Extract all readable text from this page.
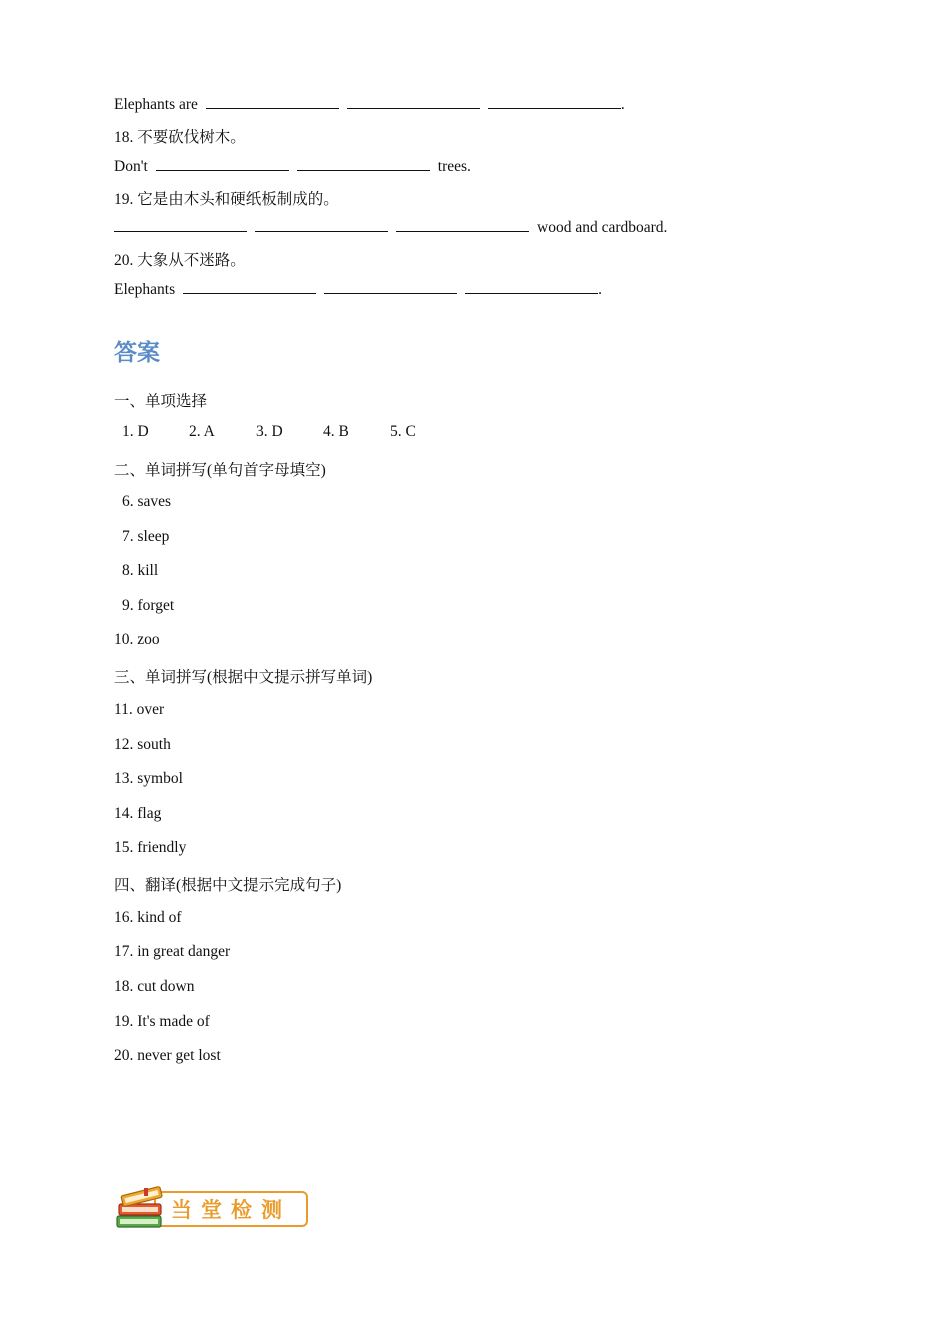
Elephants are	.
18. 不要砍伐树木。
Don't	trees.
19. 它是由木头和硬纸板制成的。
wood and cardboard.
20. 大象从不迷路。
Elephants	.
答案
一、单项选择
1. D	2. A	3. D	4. B	5. C
二、单词拼写(单句首字母填空)
6. saves
7. sleep
8. kill
9. forget
10. zoo
三、单词拼写(根据中文提示拼写单词)
11. over
12. south
13. symbol
14. flag
15. friendly
四、翻译(根据中文提示完成句子)
16. kind of
17. in great danger
18. cut down
19. It's made of
20. never get lost
当堂检测
